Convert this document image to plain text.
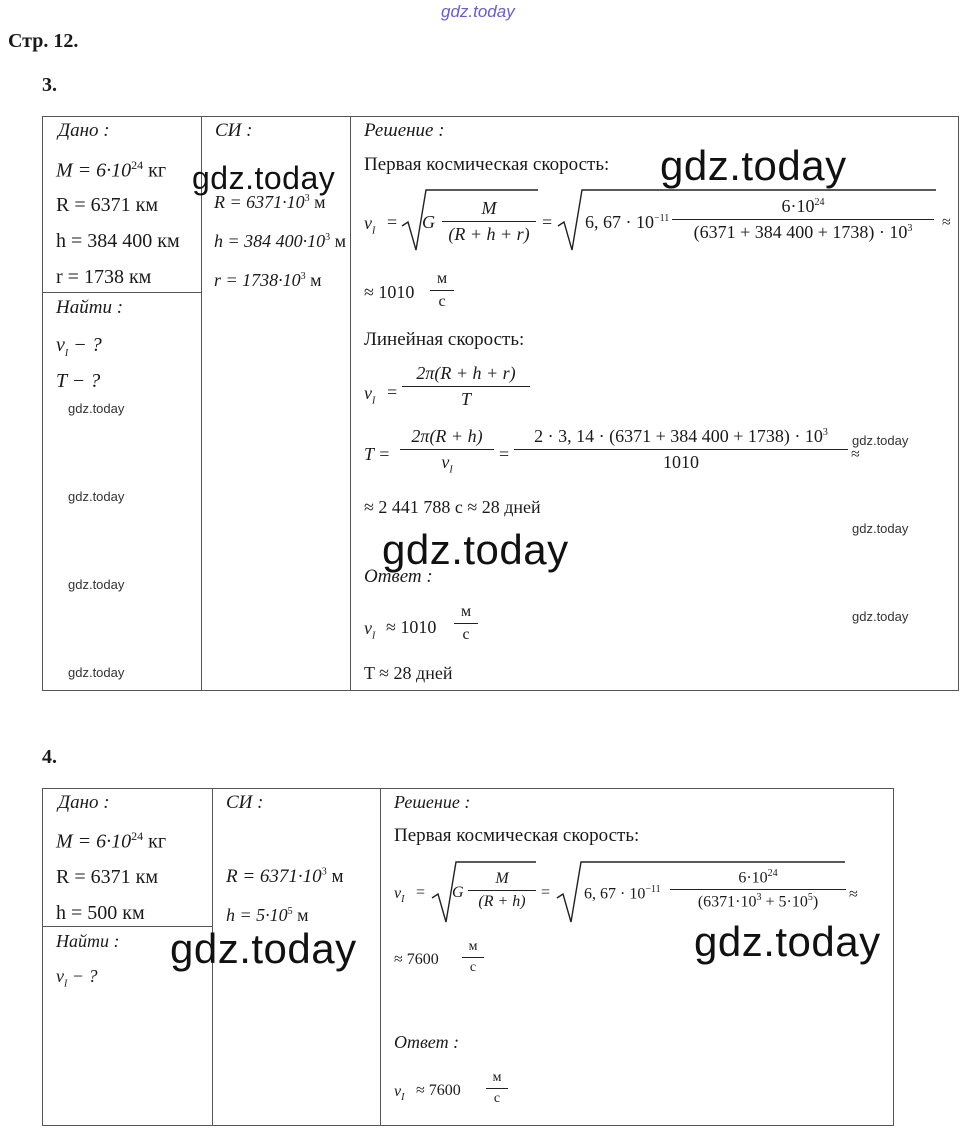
gdz.today
Стр. 12.
3.
Дано :
$M = 6\cdot 10^{24}$ кг
R = 6371 км
h = 384 400 км
r = 1738 км
Найти :
$v_I$ − ?
T − ?
СИ :
$R = 6371\cdot 10^3$ м
h = 384 $400\cdot 10^3$ м
$r = 1738\cdot 10^3$ м
Решение :
Первая космическая скорость:
$v_I = G$
M
(R + h + r)
= 6, $67 \cdot 10^{-11}$
$6\cdot 10^{24}$
(6371 + 384 $400 + 1738) \cdot 10^3$ ≈
≈ 1010
м
с
Линейная скорость:
$v_I$ =
2π(R + h + r)
T
T =
2π(R + h)
$v_I$
=
2 · 3, 14 · (6371 + 384 $400 + 1738) \cdot 10^3$
1010	≈
≈ 2 441 788 с ≈ 28 дней
Ответ :
$v_I \approx 1010$
м
с
T ≈ 28 дней
4.
Дано :
$M = 6\cdot 10^{24}$ кг
R = 6371 км
h = 500 км
Найти :
$v_I$ − ?
СИ :
$R = 6371\cdot 10^3$ м
$h = 5\cdot 10^5$ м
Решение :
Первая космическая скорость:
$v_I = G$
M
(R + h)
= 6, $67 \cdot 10^{-11}$
$6\cdot 10^{24}$
$(6371\cdot 10^3 + 5\cdot 10^5)$ ≈
≈ 7600
м
с
Ответ :
$v_I \approx 7600$
м
с
gdz.today	gdz.today
gdz.today
gdz.today	gdz.today
gdz.today
gdz.today
gdz.today
gdz.today
gdz.today
gdz.today
gdz.today
